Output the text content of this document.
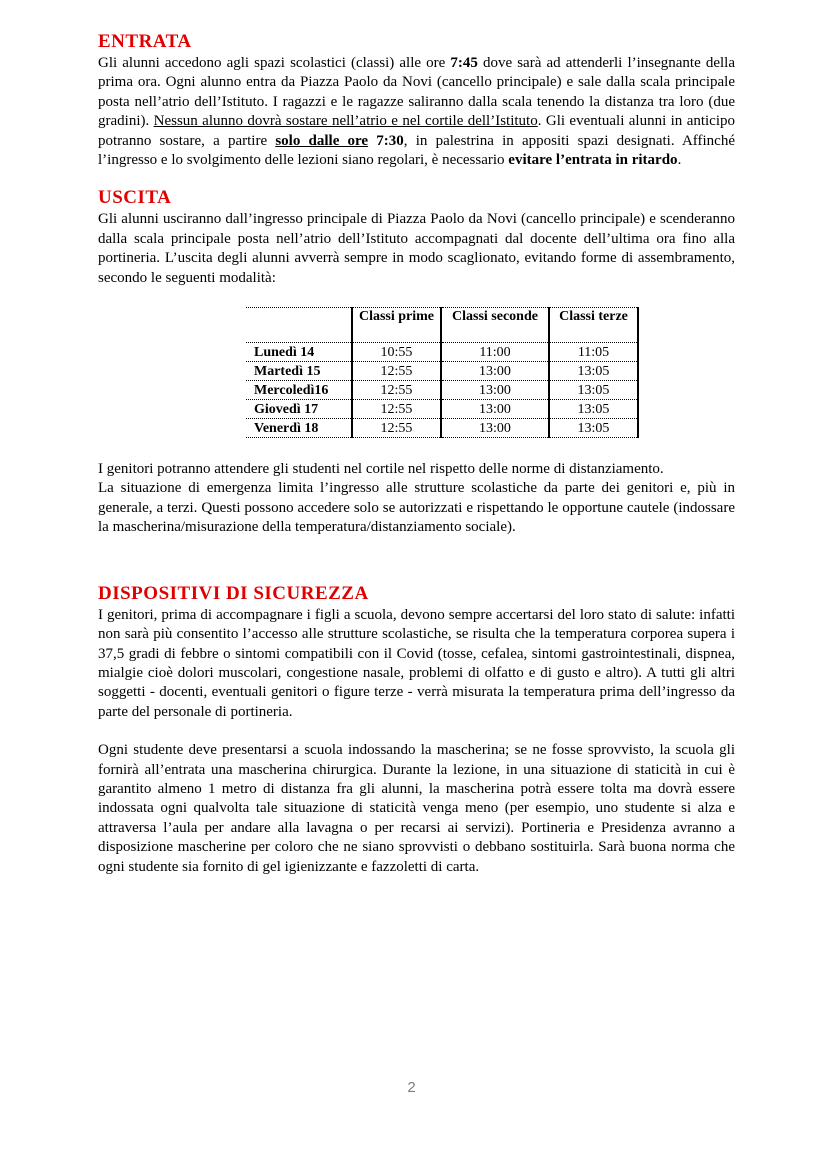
ENTRATA

Gli alunni accedono agli spazi scolastici (classi) alle ore 7:45 dove sarà ad attenderli l’insegnante della prima ora. Ogni alunno entra da Piazza Paolo da Novi (cancello principale) e sale dalla scala principale posta nell’atrio dell’Istituto. I ragazzi e le ragazze saliranno dalla scala tenendo la distanza tra loro (due gradini). Nessun alunno dovrà sostare nell’atrio e nel cortile dell’Istituto. Gli eventuali alunni in anticipo potranno sostare, a partire solo dalle ore 7:30, in palestrina in appositi spazi designati. Affinché l’ingresso e lo svolgimento delle lezioni siano regolari, è necessario evitare l’entrata in ritardo.

USCITA

Gli alunni usciranno dall’ingresso principale di Piazza Paolo da Novi (cancello principale) e scenderanno dalla scala principale posta nell’atrio dell’Istituto accompagnati dal docente dell’ultima ora fino alla portineria. L’uscita degli alunni avverrà sempre in modo scaglionato, evitando forme di assembramento, secondo le seguenti modalità:

	Classi prime	Classi seconde	Classi terze
Lunedì 14	10:55	11:00	11:05
Martedì 15	12:55	13:00	13:05
Mercoledì16	12:55	13:00	13:05
Giovedì 17	12:55	13:00	13:05
Venerdì 18	12:55	13:00	13:05

I genitori potranno attendere gli studenti nel cortile nel rispetto delle norme di distanziamento.

La situazione di emergenza limita l’ingresso alle strutture scolastiche da parte dei genitori e, più in generale, a terzi. Questi possono accedere solo se autorizzati e rispettando le opportune cautele (indossare la mascherina/misurazione della temperatura/distanziamento sociale).

DISPOSITIVI DI SICUREZZA

I genitori, prima di accompagnare i figli a scuola, devono sempre accertarsi del loro stato di salute: infatti non sarà più consentito l’accesso alle strutture scolastiche, se risulta che la temperatura corporea supera i 37,5 gradi di febbre o sintomi compatibili con il Covid (tosse, cefalea, sintomi gastrointestinali, dispnea, mialgie cioè dolori muscolari, congestione nasale, problemi di olfatto e di gusto e altro). A tutti gli altri soggetti - docenti, eventuali genitori o figure terze - verrà misurata la temperatura prima dell’ingresso da parte del personale di portineria.

Ogni studente deve presentarsi a scuola indossando la mascherina; se ne fosse sprovvisto, la scuola gli fornirà all’entrata una mascherina chirurgica. Durante la lezione, in una situazione di staticità in cui è garantito almeno 1 metro di distanza fra gli alunni, la mascherina potrà essere tolta ma dovrà essere indossata ogni qualvolta tale situazione di staticità venga meno (per esempio, uno studente si alza e attraversa l’aula per andare alla lavagna o per recarsi ai servizi). Portineria e Presidenza avranno a disposizione mascherine per coloro che ne siano sprovvisti o debbano sostituirla. Sarà buona norma che ogni studente sia fornito di gel igienizzante e fazzoletti di carta.

2
